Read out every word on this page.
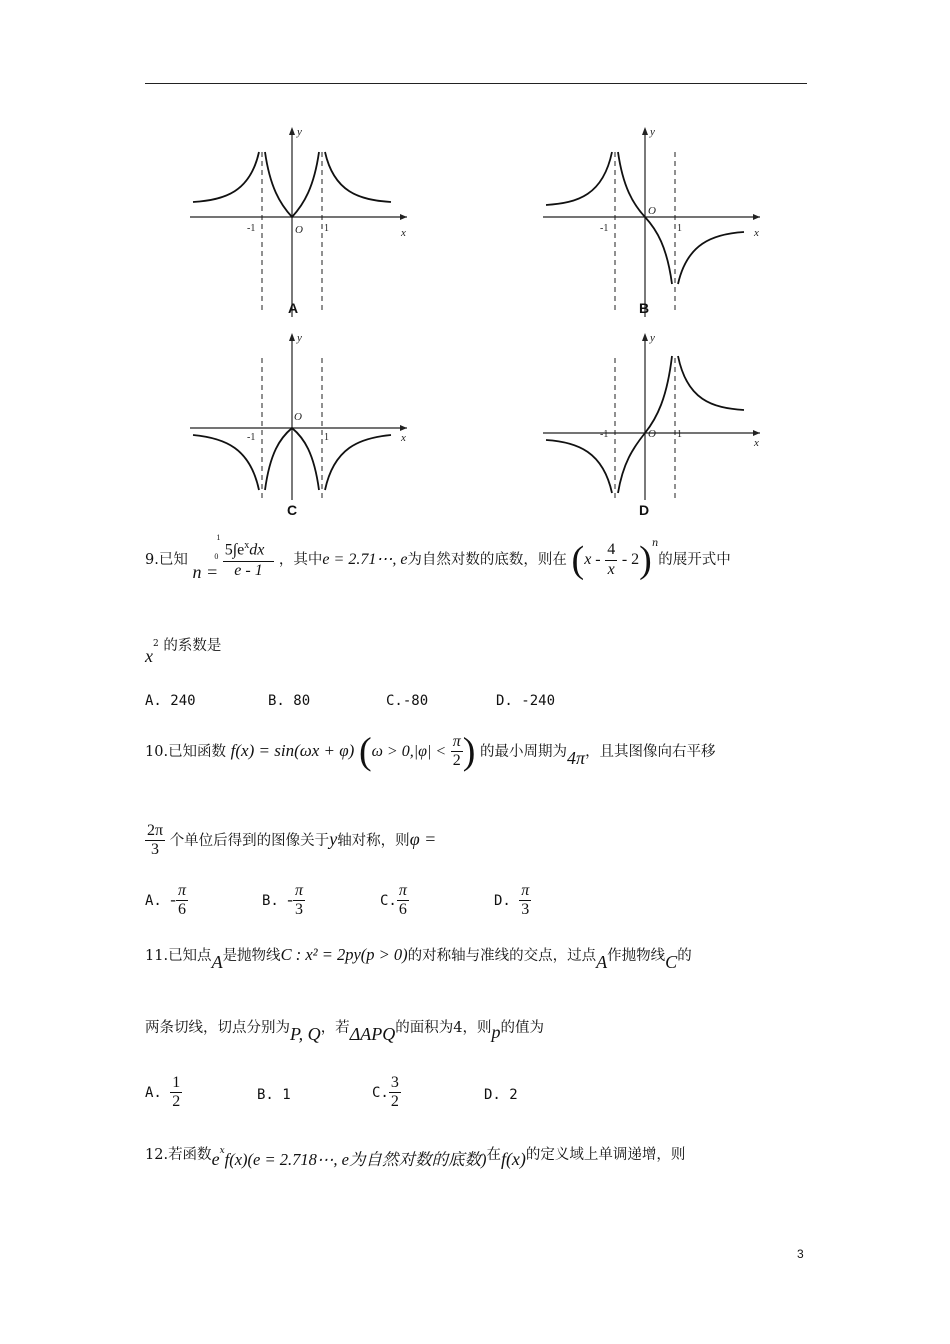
y
x
O
-1	1
A
y
x
O
-1	1
B
y
x
O
-1	1
C
y
x
O
-1	1
D
9.已知 $n = \frac{5\int e^xdx^1_0}{e - 1}$ ，其中e = 2.71⋯, e为自然对数的底数，则在 $(x - \frac{4}{x} - 2)^n$的展开式中
$x^2$ 的系数是
A. 240	B. 80	C.-80	D. -240
10.已知函数 f(x) = sin(ωx + φ) ($\omega > 0,|\varphi| < \frac{\pi}{2}$ ) 的最小周期为4π，且其图像向右平移
$\frac{2\pi}{3}$ 个单位后得到的图像关于y轴对称，则φ =
A. - $\frac{\pi}{6}$	B. - $\frac{\pi}{3}$	C. $\frac{\pi}{6}$	D. $\frac{\pi}{3}$
11.已知点A是抛物线C : x² = 2py(p > 0)的对称轴与准线的交点，过点A作抛物线C的
两条切线，切点分别为P, Q，若ΔAPQ的面积为4，则p的值为
A. $\frac{1}{2}$	B. 1	C. $\frac{3}{2}$	D. 2
12.若函数$e^xf(x)(e$ = 2.718⋯, e为自然对数的底数)在f(x)的定义域上单调递增，则
3
